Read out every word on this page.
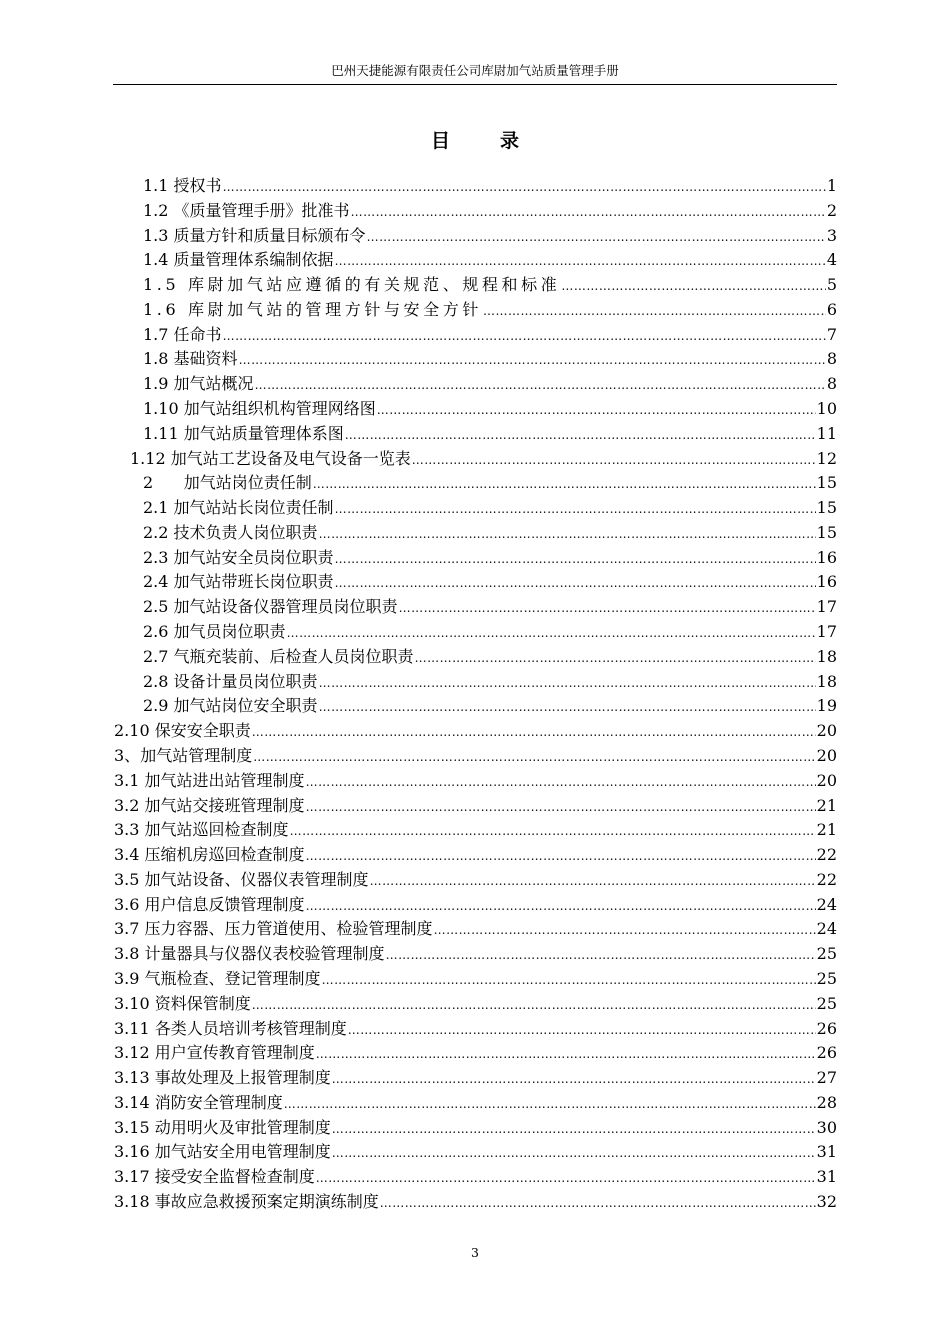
巴州天捷能源有限责任公司库尉加气站质量管理手册
目	录
1.1 授权书 …………………………………………………………………………………………………………………………………………………………………………………………	1
1.2 《质量管理手册》批准书 …………………………………………………………………………………………………………………………………………………………………………………………	2
1.3 质量方针和质量目标颁布令 …………………………………………………………………………………………………………………………………………………………………………………………	3
1.4 质量管理体系编制依据 …………………………………………………………………………………………………………………………………………………………………………………………	4
1.5 库尉加气站应遵循的有关规范、规程和标准 …………………………………………………………………………………………………………………………………………………………………………………………	5
1.6 库尉加气站的管理方针与安全方针 …………………………………………………………………………………………………………………………………………………………………………………………	6
1.7 任命书 …………………………………………………………………………………………………………………………………………………………………………………………	7
1.8 基础资料 …………………………………………………………………………………………………………………………………………………………………………………………	8
1.9 加气站概况 …………………………………………………………………………………………………………………………………………………………………………………………	8
1.10 加气站组织机构管理网络图 …………………………………………………………………………………………………………………………………………………………………………………………	10
1.11 加气站质量管理体系图 …………………………………………………………………………………………………………………………………………………………………………………………	11
1.12 加气站工艺设备及电气设备一览表 …………………………………………………………………………………………………………………………………………………………………………………………	12
2 加气站岗位责任制 …………………………………………………………………………………………………………………………………………………………………………………………	15
2.1 加气站站长岗位责任制 …………………………………………………………………………………………………………………………………………………………………………………………	15
2.2 技术负责人岗位职责 …………………………………………………………………………………………………………………………………………………………………………………………	15
2.3 加气站安全员岗位职责 …………………………………………………………………………………………………………………………………………………………………………………………	16
2.4 加气站带班长岗位职责 …………………………………………………………………………………………………………………………………………………………………………………………	16
2.5 加气站设备仪器管理员岗位职责 …………………………………………………………………………………………………………………………………………………………………………………………	17
2.6 加气员岗位职责 …………………………………………………………………………………………………………………………………………………………………………………………	17
2.7 气瓶充装前、后检查人员岗位职责 …………………………………………………………………………………………………………………………………………………………………………………………	18
2.8 设备计量员岗位职责 …………………………………………………………………………………………………………………………………………………………………………………………	18
2.9 加气站岗位安全职责 …………………………………………………………………………………………………………………………………………………………………………………………	19
2.10 保安安全职责 …………………………………………………………………………………………………………………………………………………………………………………………	20
3、加气站管理制度 …………………………………………………………………………………………………………………………………………………………………………………………	20
3.1 加气站进出站管理制度 …………………………………………………………………………………………………………………………………………………………………………………………	20
3.2 加气站交接班管理制度 …………………………………………………………………………………………………………………………………………………………………………………………	21
3.3 加气站巡回检查制度 …………………………………………………………………………………………………………………………………………………………………………………………	21
3.4 压缩机房巡回检查制度 …………………………………………………………………………………………………………………………………………………………………………………………	22
3.5 加气站设备、仪器仪表管理制度 …………………………………………………………………………………………………………………………………………………………………………………………	22
3.6 用户信息反馈管理制度 …………………………………………………………………………………………………………………………………………………………………………………………	24
3.7 压力容器、压力管道使用、检验管理制度 …………………………………………………………………………………………………………………………………………………………………………………………	24
3.8 计量器具与仪器仪表校验管理制度 …………………………………………………………………………………………………………………………………………………………………………………………	25
3.9 气瓶检查、登记管理制度 …………………………………………………………………………………………………………………………………………………………………………………………	25
3.10 资料保管制度 …………………………………………………………………………………………………………………………………………………………………………………………	25
3.11 各类人员培训考核管理制度 …………………………………………………………………………………………………………………………………………………………………………………………	26
3.12 用户宣传教育管理制度 …………………………………………………………………………………………………………………………………………………………………………………………	26
3.13 事故处理及上报管理制度 …………………………………………………………………………………………………………………………………………………………………………………………	27
3.14 消防安全管理制度 …………………………………………………………………………………………………………………………………………………………………………………………	28
3.15 动用明火及审批管理制度 …………………………………………………………………………………………………………………………………………………………………………………………	30
3.16 加气站安全用电管理制度 …………………………………………………………………………………………………………………………………………………………………………………………	31
3.17 接受安全监督检查制度 …………………………………………………………………………………………………………………………………………………………………………………………	31
3.18 事故应急救援预案定期演练制度 …………………………………………………………………………………………………………………………………………………………………………………………	32
3
